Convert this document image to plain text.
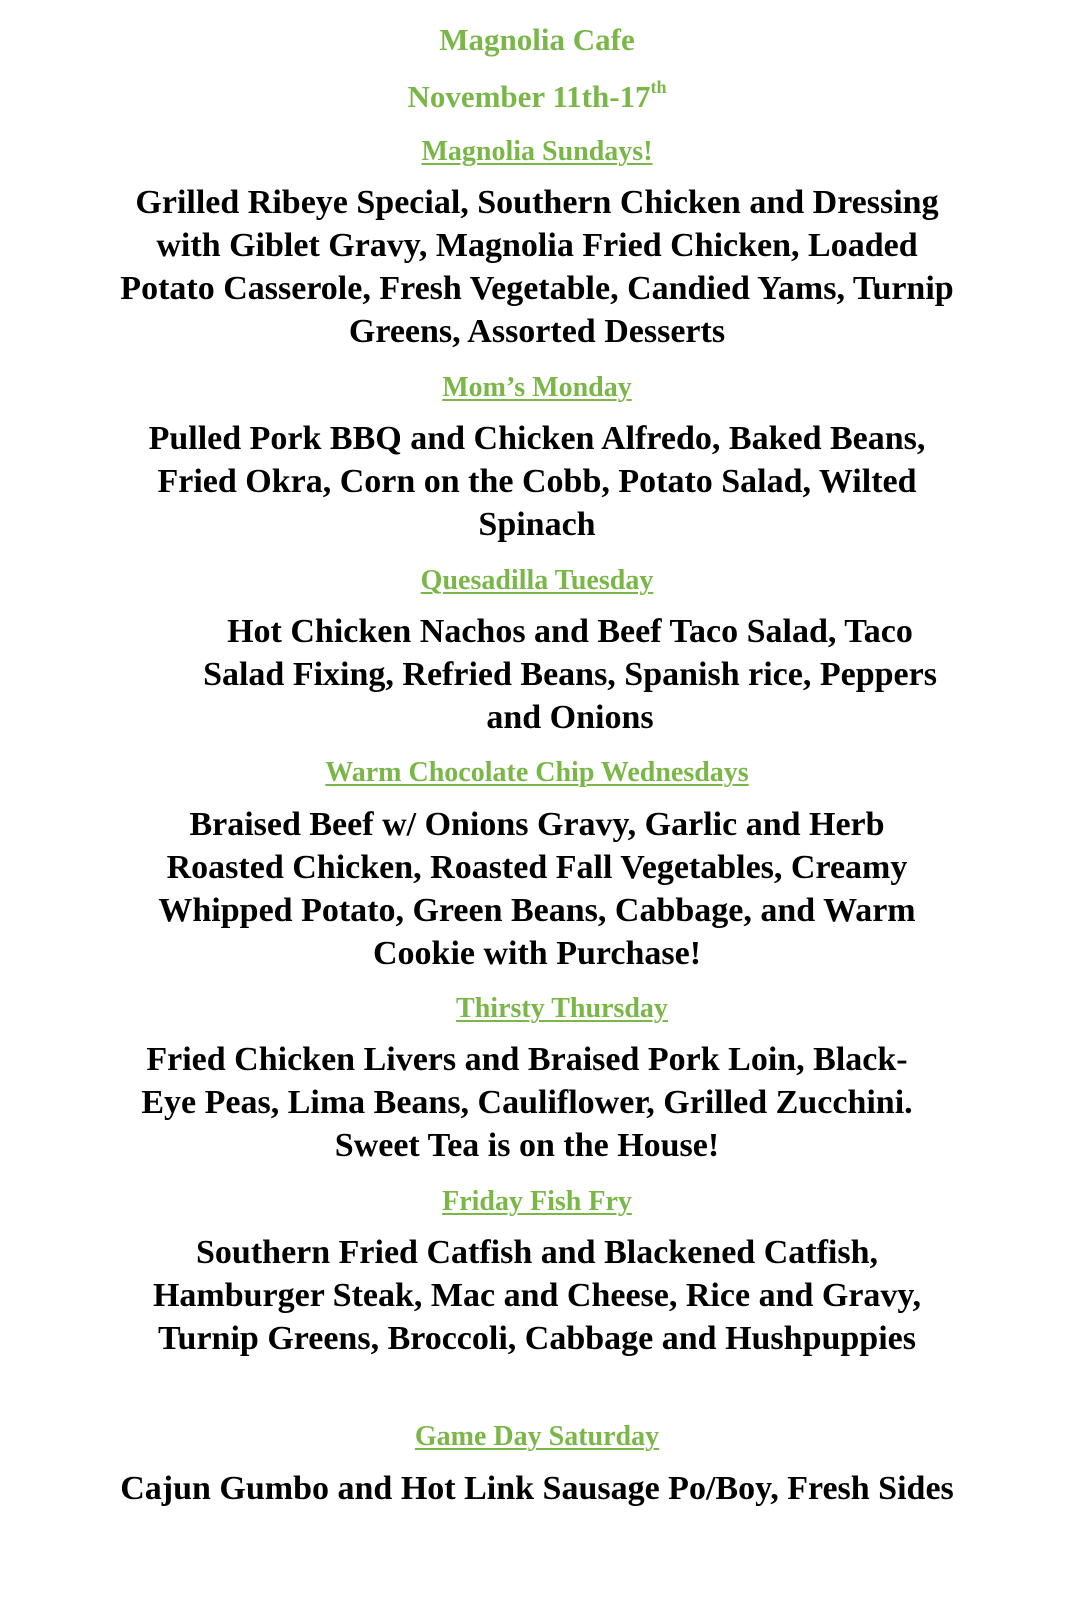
Magnolia Cafe
November 11th-17th
Magnolia Sundays!

Grilled Ribeye Special, Southern Chicken and Dressing with Giblet Gravy, Magnolia Fried Chicken, Loaded Potato Casserole, Fresh Vegetable, Candied Yams, Turnip Greens, Assorted Desserts

Mom’s Monday

Pulled Pork BBQ and Chicken Alfredo, Baked Beans, Fried Okra, Corn on the Cobb, Potato Salad, Wilted Spinach

Quesadilla Tuesday

Hot Chicken Nachos and Beef Taco Salad, Taco Salad Fixing, Refried Beans, Spanish rice, Peppers and Onions

Warm Chocolate Chip Wednesdays

Braised Beef w/ Onions Gravy, Garlic and Herb Roasted Chicken, Roasted Fall Vegetables, Creamy Whipped Potato, Green Beans, Cabbage, and Warm Cookie with Purchase!

Thirsty Thursday

Fried Chicken Livers and Braised Pork Loin, Black-Eye Peas, Lima Beans, Cauliflower, Grilled Zucchini. Sweet Tea is on the House!

Friday Fish Fry

Southern Fried Catfish and Blackened Catfish, Hamburger Steak, Mac and Cheese, Rice and Gravy, Turnip Greens, Broccoli, Cabbage and Hushpuppies

Game Day Saturday

Cajun Gumbo and Hot Link Sausage Po/Boy, Fresh Sides
